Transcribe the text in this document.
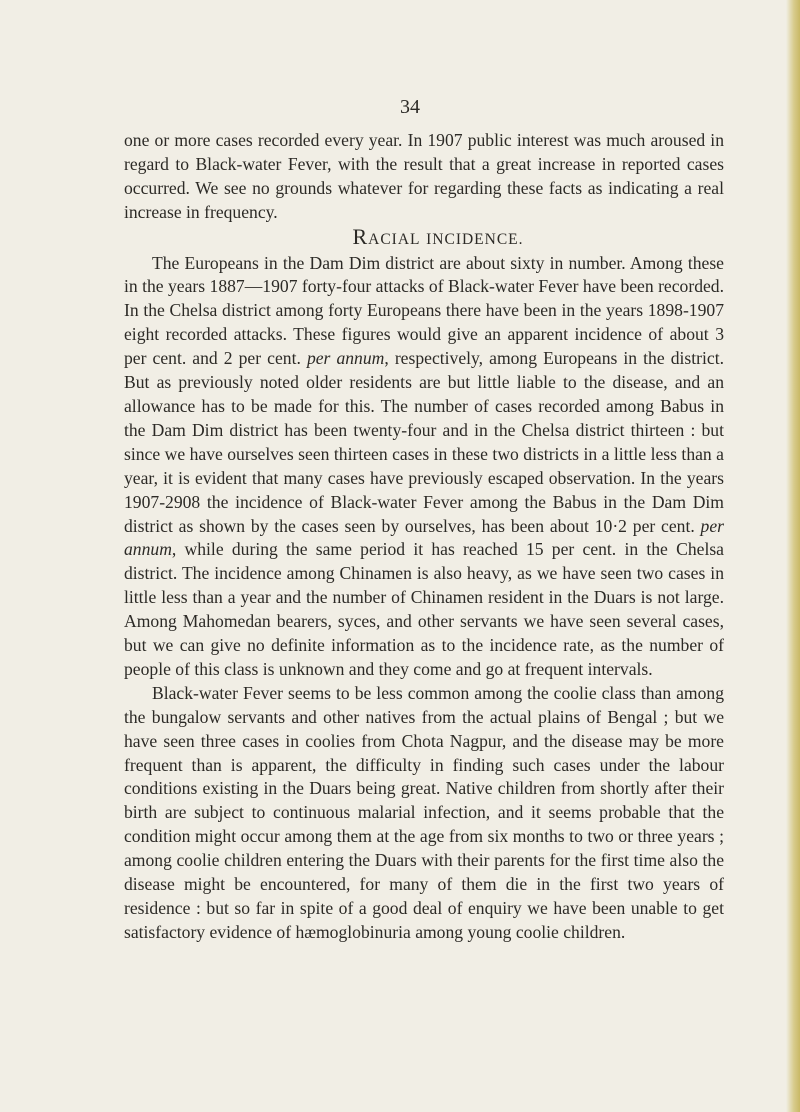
34

one or more cases recorded every year. In 1907 public interest was much aroused in regard to Black-water Fever, with the result that a great increase in reported cases occurred. We see no grounds whatever for regarding these facts as indicating a real increase in frequency.

RACIAL INCIDENCE.

The Europeans in the Dam Dim district are about sixty in number. Among these in the years 1887—1907 forty-four attacks of Black-water Fever have been recorded. In the Chelsa district among forty Europeans there have been in the years 1898-1907 eight recorded attacks. These figures would give an apparent incidence of about 3 per cent. and 2 per cent. per annum, respectively, among Europeans in the district. But as previously noted older residents are but little liable to the disease, and an allowance has to be made for this. The number of cases recorded among Babus in the Dam Dim district has been twenty-four and in the Chelsa district thirteen : but since we have ourselves seen thirteen cases in these two districts in a little less than a year, it is evident that many cases have previously escaped observation. In the years 1907-2908 the incidence of Black-water Fever among the Babus in the Dam Dim district as shown by the cases seen by ourselves, has been about 10·2 per cent. per annum, while during the same period it has reached 15 per cent. in the Chelsa district. The incidence among Chinamen is also heavy, as we have seen two cases in little less than a year and the number of Chinamen resident in the Duars is not large. Among Mahomedan bearers, syces, and other servants we have seen several cases, but we can give no definite information as to the incidence rate, as the number of people of this class is unknown and they come and go at frequent intervals.

Black-water Fever seems to be less common among the coolie class than among the bungalow servants and other natives from the actual plains of Bengal ; but we have seen three cases in coolies from Chota Nagpur, and the disease may be more frequent than is apparent, the difficulty in finding such cases under the labour conditions existing in the Duars being great. Native children from shortly after their birth are subject to continuous malarial infection, and it seems probable that the condition might occur among them at the age from six months to two or three years ; among coolie children entering the Duars with their parents for the first time also the disease might be encountered, for many of them die in the first two years of residence : but so far in spite of a good deal of enquiry we have been unable to get satisfactory evidence of hæmoglobinuria among young coolie children.
